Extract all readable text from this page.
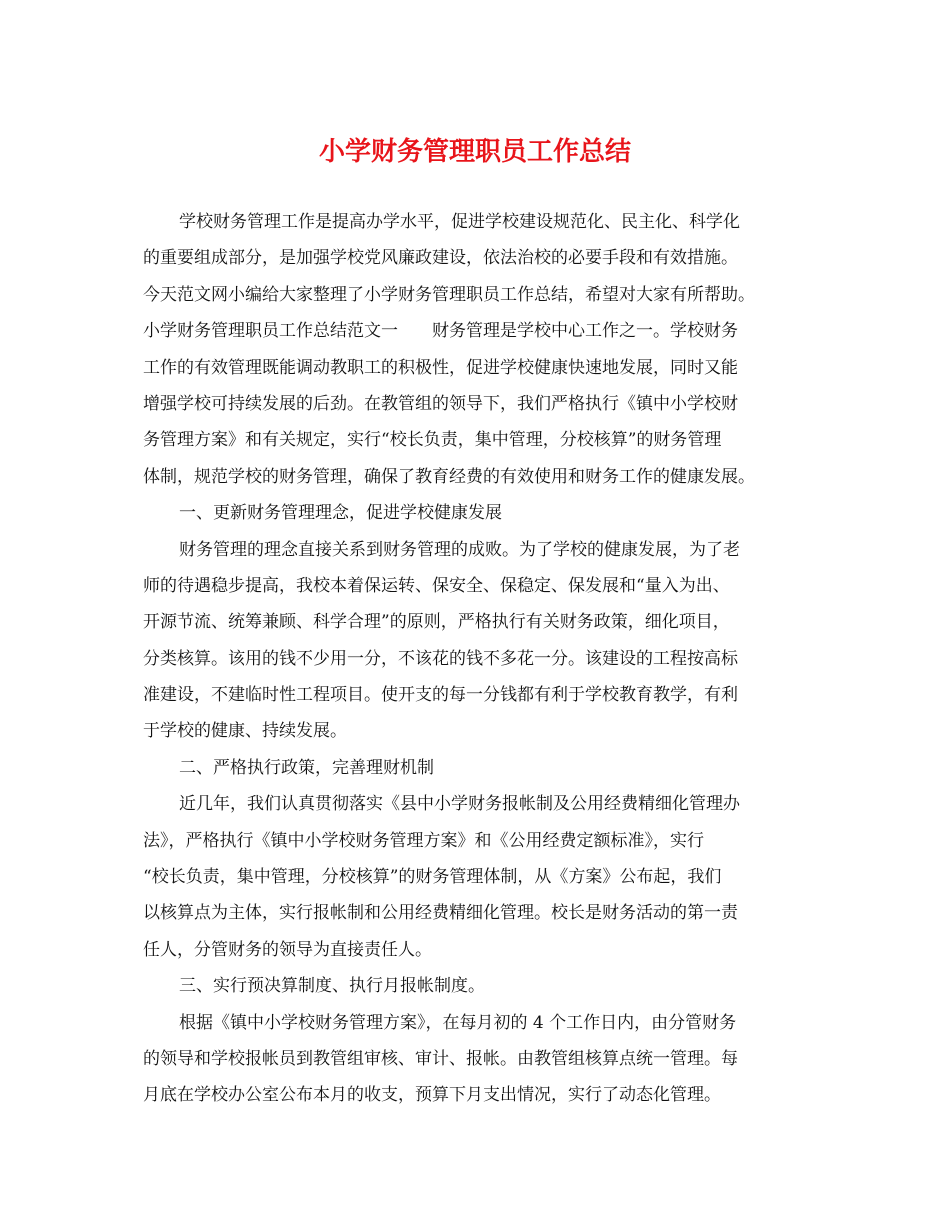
小学财务管理职员工作总结
学校财务管理工作是提高办学水平，促进学校建设规范化、民主化、科学化
的重要组成部分，是加强学校党风廉政建设，依法治校的必要手段和有效措施。
今天范文网小编给大家整理了小学财务管理职员工作总结，希望对大家有所帮助。
小学财务管理职员工作总结范文一 财务管理是学校中心工作之一。学校财务
工作的有效管理既能调动教职工的积极性，促进学校健康快速地发展，同时又能
增强学校可持续发展的后劲。在教管组的领导下，我们严格执行《镇中小学校财
务管理方案》和有关规定，实行“校长负责，集中管理，分校核算”的财务管理
体制，规范学校的财务管理，确保了教育经费的有效使用和财务工作的健康发展。
一、更新财务管理理念，促进学校健康发展
财务管理的理念直接关系到财务管理的成败。为了学校的健康发展，为了老
师的待遇稳步提高，我校本着保运转、保安全、保稳定、保发展和“量入为出、
开源节流、统筹兼顾、科学合理”的原则，严格执行有关财务政策，细化项目，
分类核算。该用的钱不少用一分，不该花的钱不多花一分。该建设的工程按高标
准建设，不建临时性工程项目。使开支的每一分钱都有利于学校教育教学，有利
于学校的健康、持续发展。
二、严格执行政策，完善理财机制
近几年，我们认真贯彻落实《县中小学财务报帐制及公用经费精细化管理办
法》，严格执行《镇中小学校财务管理方案》和《公用经费定额标准》，实行
“校长负责，集中管理，分校核算”的财务管理体制，从《方案》公布起，我们
以核算点为主体，实行报帐制和公用经费精细化管理。校长是财务活动的第一责
任人，分管财务的领导为直接责任人。
三、实行预决算制度、执行月报帐制度。
根据《镇中小学校财务管理方案》，在每月初的 4 个工作日内，由分管财务
的领导和学校报帐员到教管组审核、审计、报帐。由教管组核算点统一管理。每
月底在学校办公室公布本月的收支，预算下月支出情况，实行了动态化管理。
